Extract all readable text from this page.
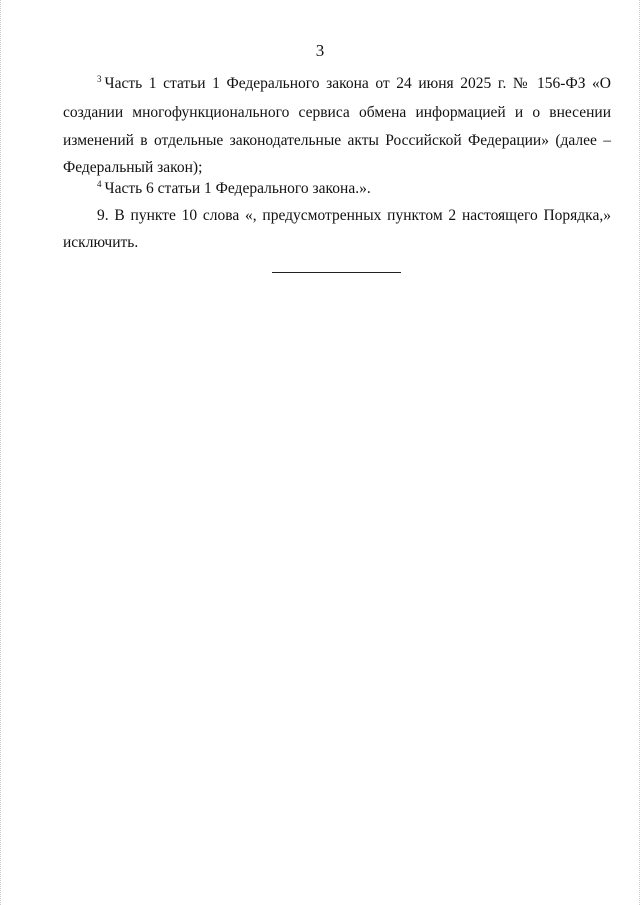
3

$^3$ Часть 1 статьи 1 Федерального закона от 24 июня 2025 г. № 156-ФЗ «О создании многофункционального сервиса обмена информацией и о внесении изменений в отдельные законодательные акты Российской Федерации» (далее – Федеральный закон);

$^4$ Часть 6 статьи 1 Федерального закона.».

9. В пункте 10 слова «, предусмотренных пунктом 2 настоящего Порядка,» исключить.
